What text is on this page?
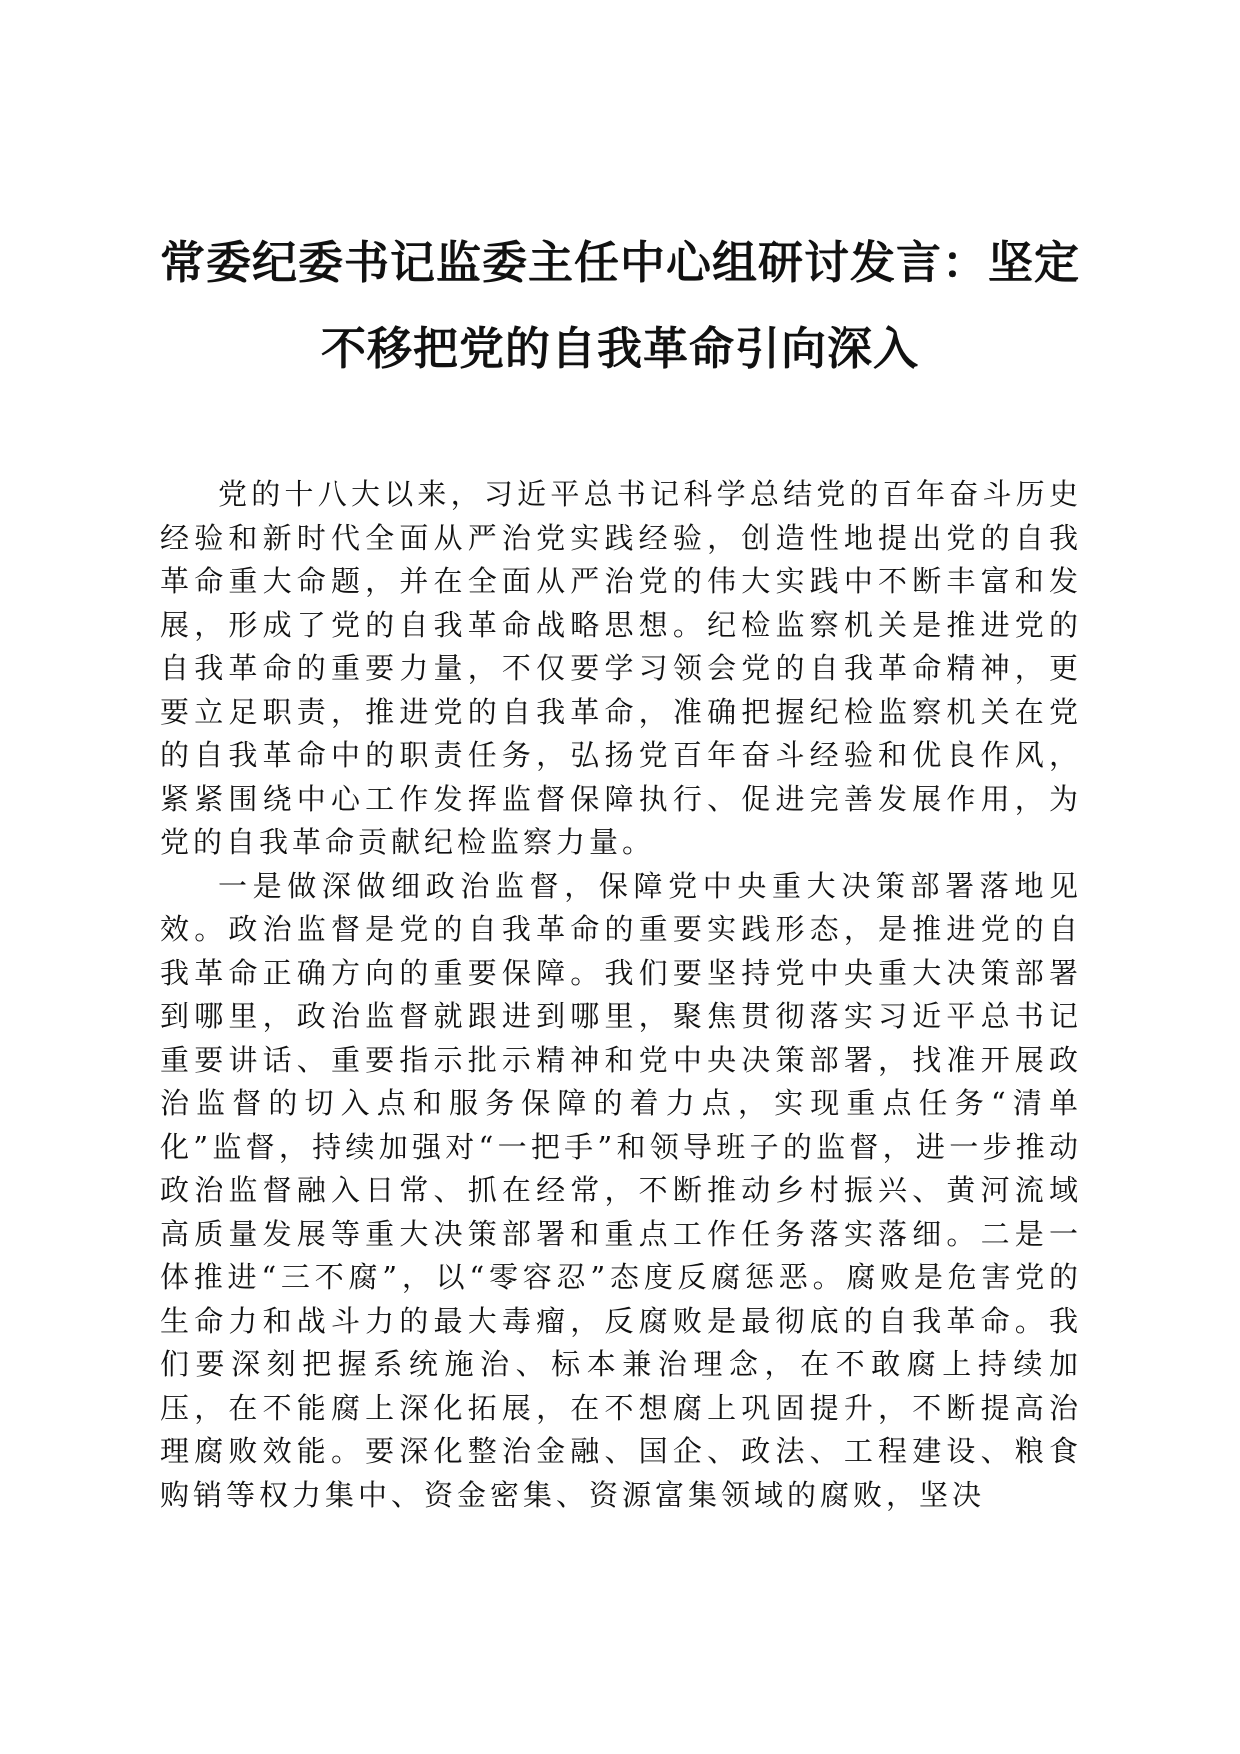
常委纪委书记监委主任中心组研讨发言：坚定
不移把党的自我革命引向深入

党的十八大以来，习近平总书记科学总结党的百年奋斗历史经验和新时代全面从严治党实践经验，创造性地提出党的自我革命重大命题，并在全面从严治党的伟大实践中不断丰富和发展，形成了党的自我革命战略思想。纪检监察机关是推进党的自我革命的重要力量，不仅要学习领会党的自我革命精神，更要立足职责，推进党的自我革命，准确把握纪检监察机关在党的自我革命中的职责任务，弘扬党百年奋斗经验和优良作风，紧紧围绕中心工作发挥监督保障执行、促进完善发展作用，为党的自我革命贡献纪检监察力量。

一是做深做细政治监督，保障党中央重大决策部署落地见效。政治监督是党的自我革命的重要实践形态，是推进党的自我革命正确方向的重要保障。我们要坚持党中央重大决策部署到哪里，政治监督就跟进到哪里，聚焦贯彻落实习近平总书记重要讲话、重要指示批示精神和党中央决策部署，找准开展政治监督的切入点和服务保障的着力点，实现重点任务“清单化”监督，持续加强对“一把手”和领导班子的监督，进一步推动政治监督融入日常、抓在经常，不断推动乡村振兴、黄河流域高质量发展等重大决策部署和重点工作任务落实落细。二是一体推进“三不腐”，以“零容忍”态度反腐惩恶。腐败是危害党的生命力和战斗力的最大毒瘤，反腐败是最彻底的自我革命。我们要深刻把握系统施治、标本兼治理念，在不敢腐上持续加压，在不能腐上深化拓展，在不想腐上巩固提升，不断提高治理腐败效能。要深化整治金融、国企、政法、工程建设、粮食购销等权力集中、资金密集、资源富集领域的腐败，坚决
